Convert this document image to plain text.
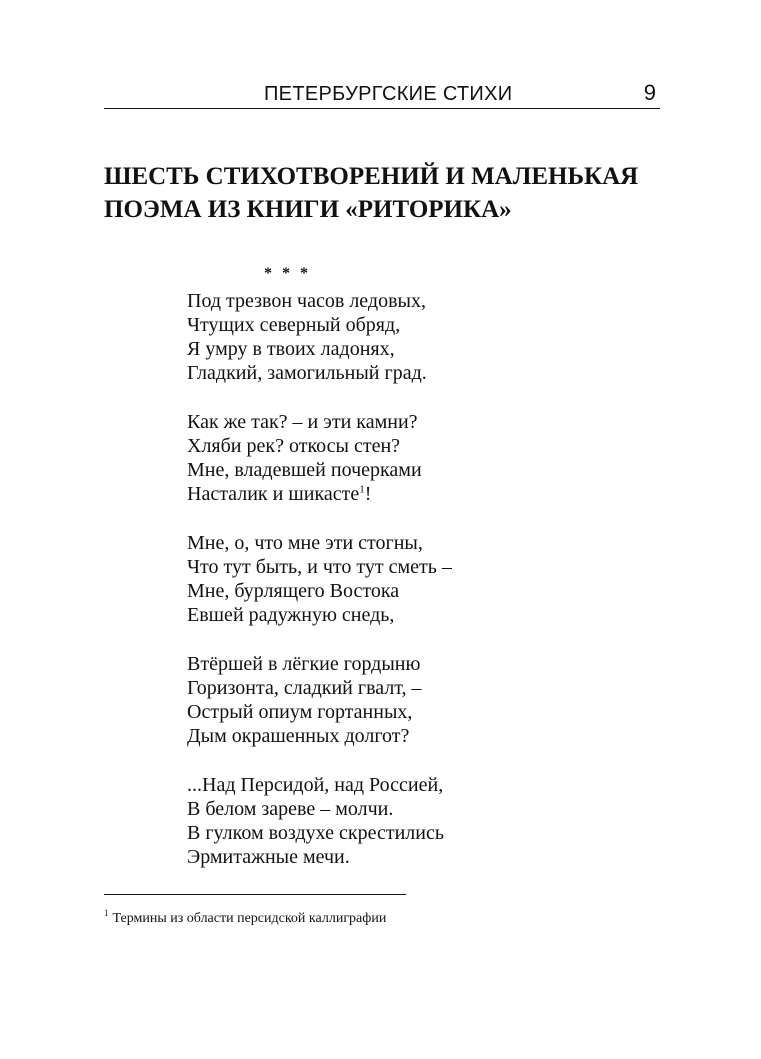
ПЕТЕРБУРГСКИЕ СТИХИ	9
ШЕСТЬ СТИХОТВОРЕНИЙ И МАЛЕНЬКАЯ
ПОЭМА ИЗ КНИГИ «РИТОРИКА»
* * *
Под трезвон часов ледовых,
Чтущих северный обряд,
Я умру в твоих ладонях,
Гладкий, замогильный град.
Как же так? – и эти камни?
Хляби рек? откосы стен?
Мне, владевшей почерками
Насталик и шикасте$^1$!
Мне, о, что мне эти стогны,
Что тут быть, и что тут сметь –
Мне, бурлящего Востока
Евшей радужную снедь,
Втёршей в лёгкие гордыню
Горизонта, сладкий гвалт, –
Острый опиум гортанных,
Дым окрашенных долгот?
...Над Персидой, над Россией,
В белом зареве – молчи.
В гулком воздухе скрестились
Эрмитажные мечи.
$^1$ Термины из области персидской каллиграфии
